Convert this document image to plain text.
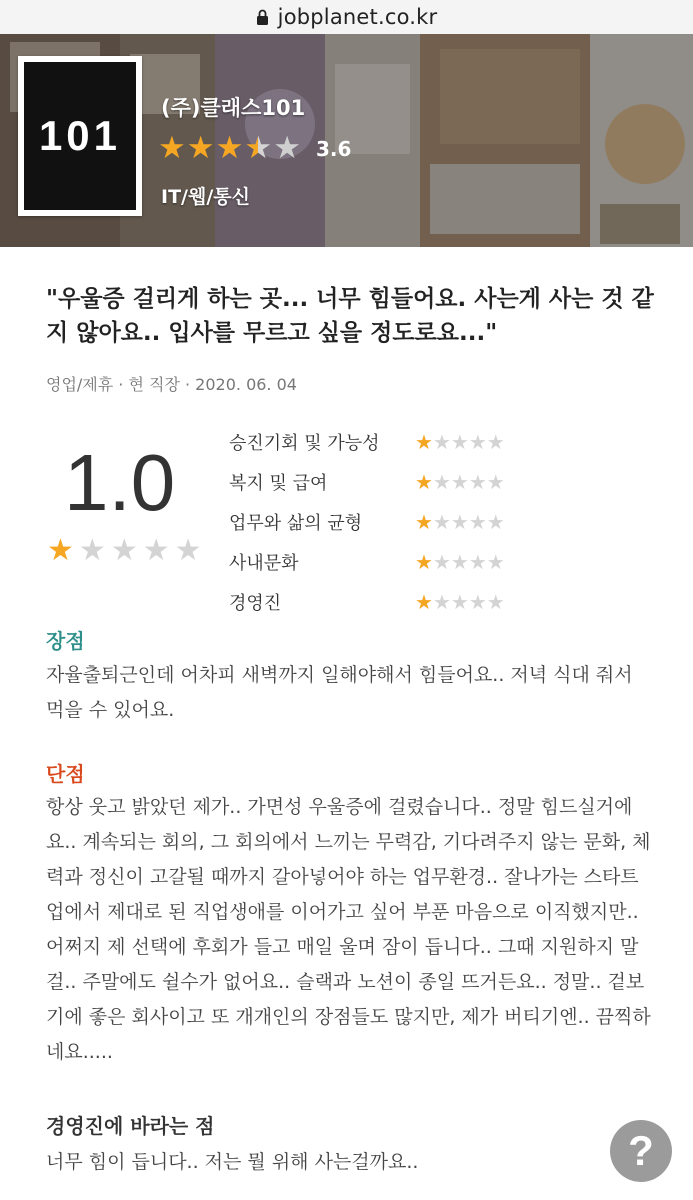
jobplanet.co.kr
101
(주)클래스101
★ ★ ★ ★ ★ 3.6
IT/웹/통신
"우울증 걸리게 하는 곳... 너무 힘들어요. 사는게 사는 것 같지 않아요.. 입사를 무르고 싶을 정도로요..."
영업/제휴 · 현 직장 · 2020. 06. 04
1.0
★ ★ ★ ★ ★
승진기회 및 가능성	★ ★ ★ ★ ★
복지 및 급여	★ ★ ★ ★ ★
업무와 삶의 균형	★ ★ ★ ★ ★
사내문화	★ ★ ★ ★ ★
경영진	★ ★ ★ ★ ★
장점
자율출퇴근인데 어차피 새벽까지 일해야해서 힘들어요.. 저녁 식대 줘서 먹을 수 있어요.
단점
항상 웃고 밝았던 제가.. 가면성 우울증에 걸렸습니다.. 정말 힘드실거에요.. 계속되는 회의, 그 회의에서 느끼는 무력감, 기다려주지 않는 문화, 체력과 정신이 고갈될 때까지 갈아넣어야 하는 업무환경.. 잘나가는 스타트업에서 제대로 된 직업생애를 이어가고 싶어 부푼 마음으로 이직했지만.. 어쩌지 제 선택에 후회가 들고 매일 울며 잠이 듭니다.. 그때 지원하지 말걸.. 주말에도 쉴수가 없어요.. 슬랙과 노션이 종일 뜨거든요.. 정말.. 겉보기에 좋은 회사이고 또 개개인의 장점들도 많지만, 제가 버티기엔.. 끔찍하네요.....
경영진에 바라는 점
너무 힘이 듭니다.. 저는 뭘 위해 사는걸까요..	?
